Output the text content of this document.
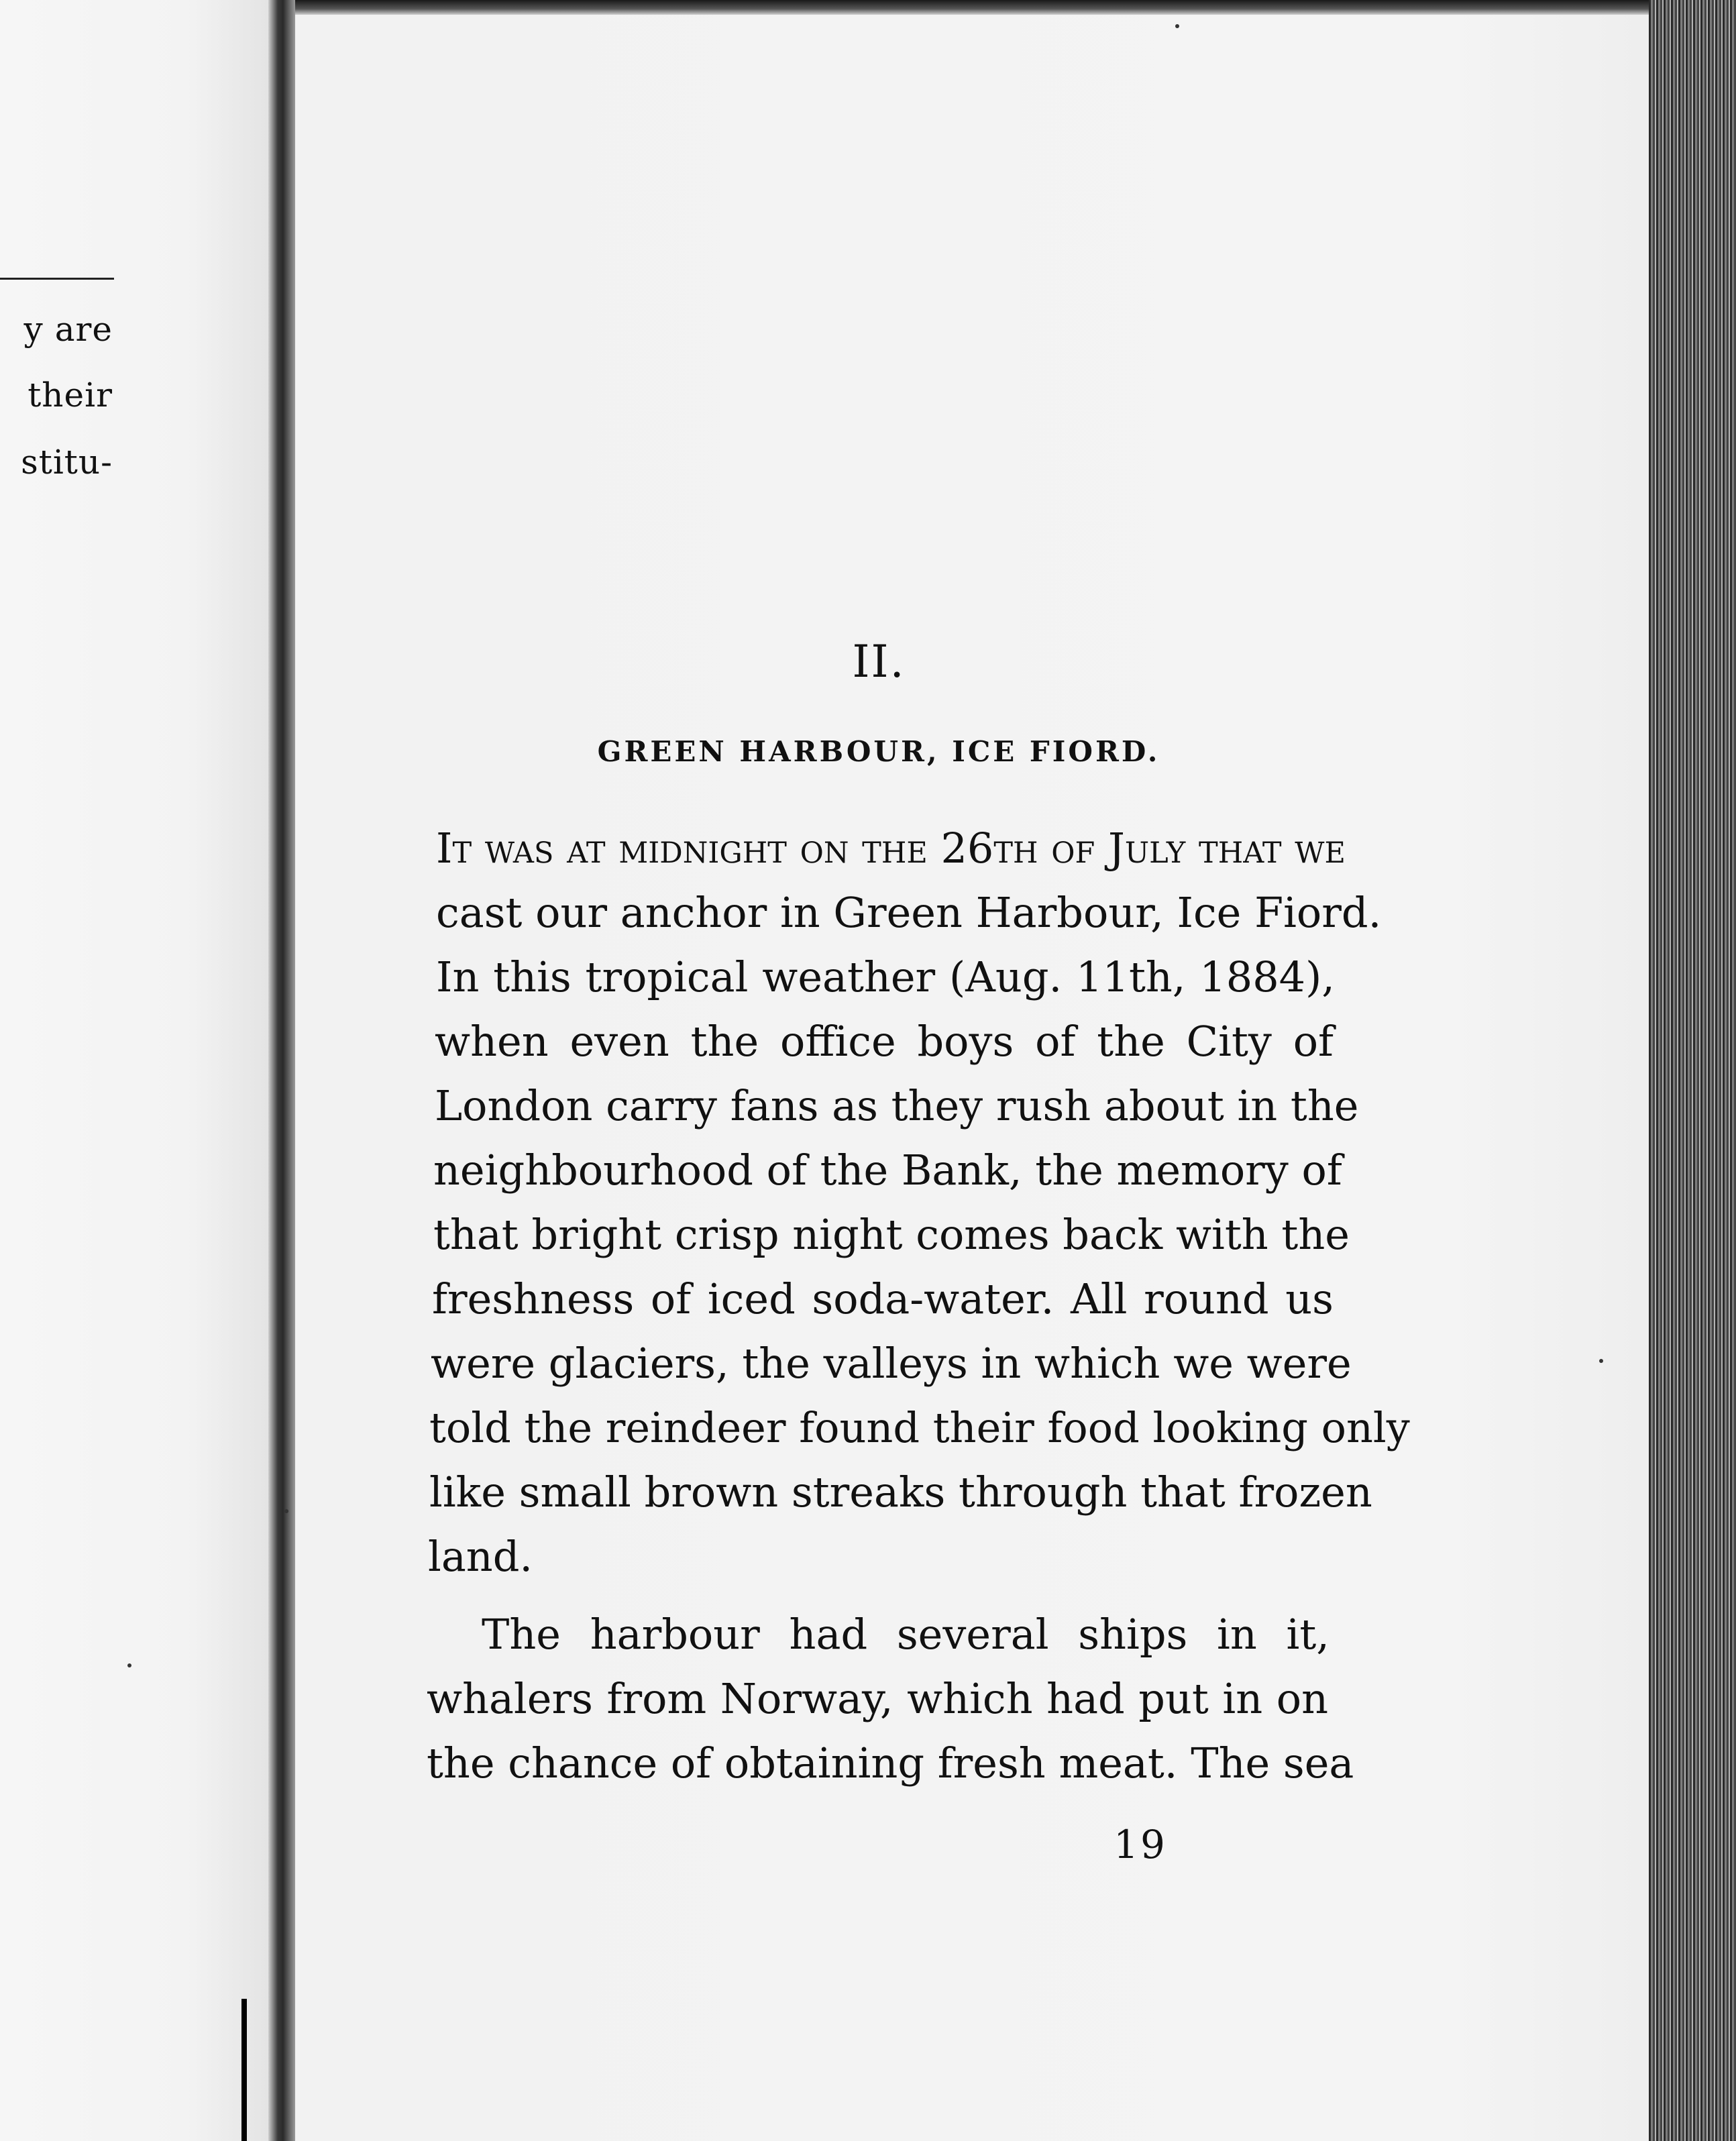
y are
their
stitu-
II.
GREEN HARBOUR, ICE FIORD.
It was at midnight on the 26th of July that we
cast our anchor in Green Harbour, Ice Fiord.
In this tropical weather (Aug. 11th, 1884),
when even the office boys of the City of
London carry fans as they rush about in the
neighbourhood of the Bank, the memory of
that bright crisp night comes back with the
freshness of iced soda-water. All round us
were glaciers, the valleys in which we were
told the reindeer found their food looking only
like small brown streaks through that frozen
land.
The harbour had several ships in it,
whalers from Norway, which had put in on
the chance of obtaining fresh meat. The sea
19
